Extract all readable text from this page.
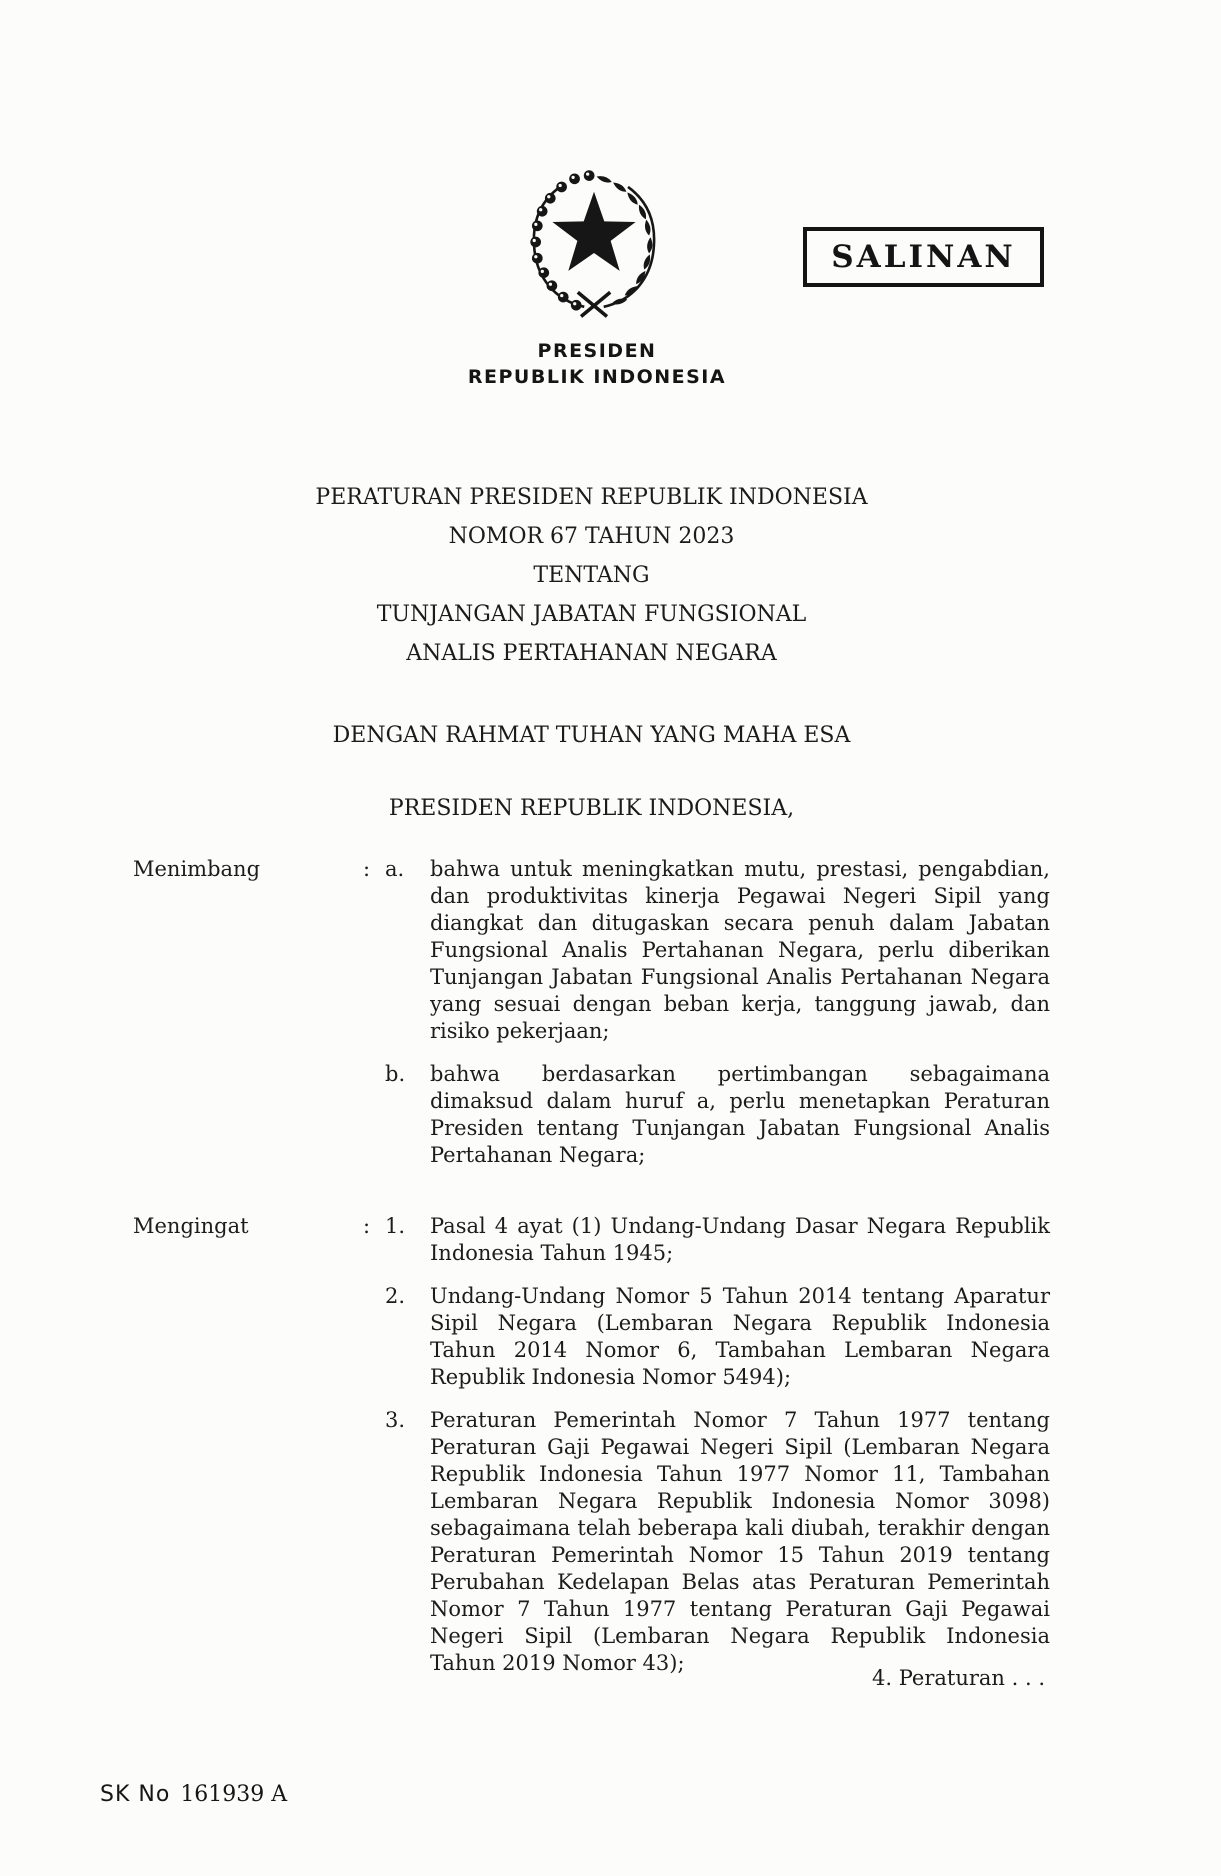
PRESIDEN
REPUBLIK INDONESIA
SALINAN
PERATURAN PRESIDEN REPUBLIK INDONESIA
NOMOR 67 TAHUN 2023
TENTANG
TUNJANGAN JABATAN FUNGSIONAL
ANALIS PERTAHANAN NEGARA
DENGAN RAHMAT TUHAN YANG MAHA ESA
PRESIDEN REPUBLIK INDONESIA,
Menimbang	: a.	bahwa untuk meningkatkan mutu, prestasi, pengabdian, dan produktivitas kinerja Pegawai Negeri Sipil yang diangkat dan ditugaskan secara penuh dalam Jabatan Fungsional Analis Pertahanan Negara, perlu diberikan Tunjangan Jabatan Fungsional Analis Pertahanan Negara yang sesuai dengan beban kerja, tanggung jawab, dan risiko pekerjaan;
b.	bahwa berdasarkan pertimbangan sebagaimana dimaksud dalam huruf a, perlu menetapkan Peraturan Presiden tentang Tunjangan Jabatan Fungsional Analis Pertahanan Negara;
Mengingat	: 1.	Pasal 4 ayat (1) Undang-Undang Dasar Negara Republik Indonesia Tahun 1945;
2.	Undang-Undang Nomor 5 Tahun 2014 tentang Aparatur Sipil Negara (Lembaran Negara Republik Indonesia Tahun 2014 Nomor 6, Tambahan Lembaran Negara Republik Indonesia Nomor 5494);
3.	Peraturan Pemerintah Nomor 7 Tahun 1977 tentang Peraturan Gaji Pegawai Negeri Sipil (Lembaran Negara Republik Indonesia Tahun 1977 Nomor 11, Tambahan Lembaran Negara Republik Indonesia Nomor 3098) sebagaimana telah beberapa kali diubah, terakhir dengan Peraturan Pemerintah Nomor 15 Tahun 2019 tentang Perubahan Kedelapan Belas atas Peraturan Pemerintah Nomor 7 Tahun 1977 tentang Peraturan Gaji Pegawai Negeri Sipil (Lembaran Negara Republik Indonesia Tahun 2019 Nomor 43);
4. Peraturan . . .
SK No 161939 A
